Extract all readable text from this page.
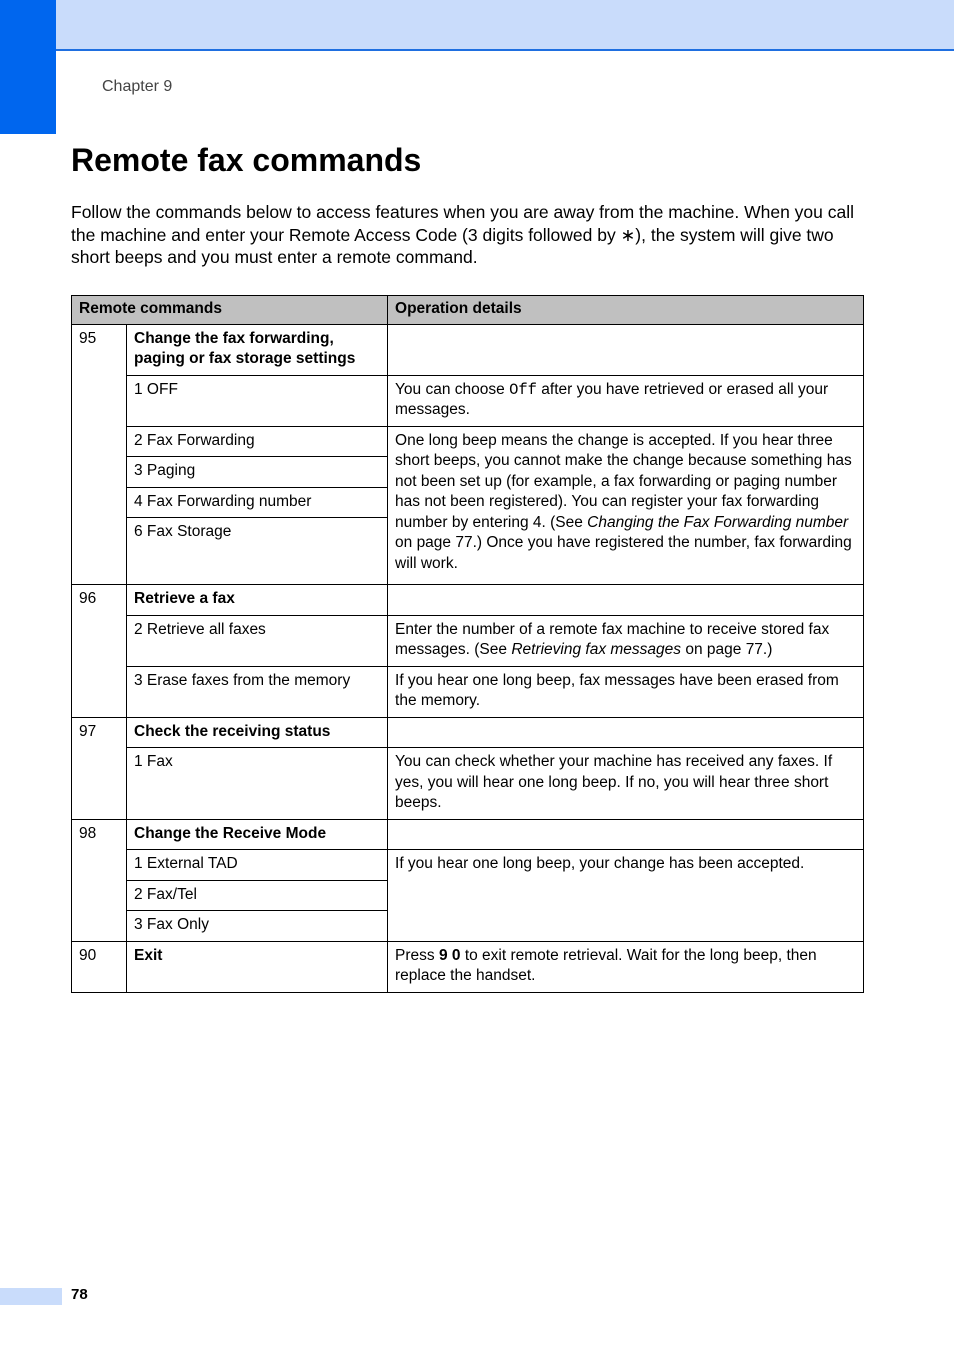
Chapter 9
Remote fax commands

Follow the commands below to access features when you are away from the machine. When you call the machine and enter your Remote Access Code (3 digits followed by ∗), the system will give two short beeps and you must enter a remote command.

Remote commands		Operation details
95	Change the fax forwarding, paging or fax storage settings	
	1 OFF	You can choose Off after you have retrieved or erased all your messages.
	2 Fax Forwarding	One long beep means the change is accepted. If you hear three short beeps, you cannot make the change because something has not been set up (for example, a fax forwarding or paging number has not been registered). You can register your fax forwarding number by entering 4. (See Changing the Fax Forwarding number on page 77.) Once you have registered the number, fax forwarding will work.
	3 Paging	
	4 Fax Forwarding number	
	6 Fax Storage	
96	Retrieve a fax	
	2 Retrieve all faxes	Enter the number of a remote fax machine to receive stored fax messages. (See Retrieving fax messages on page 77.)
	3 Erase faxes from the memory	If you hear one long beep, fax messages have been erased from the memory.
97	Check the receiving status	
	1 Fax	You can check whether your machine has received any faxes. If yes, you will hear one long beep. If no, you will hear three short beeps.
98	Change the Receive Mode	
	1 External TAD	If you hear one long beep, your change has been accepted.
	2 Fax/Tel	
	3 Fax Only	
90	Exit	Press 9 0 to exit remote retrieval. Wait for the long beep, then replace the handset.
78
